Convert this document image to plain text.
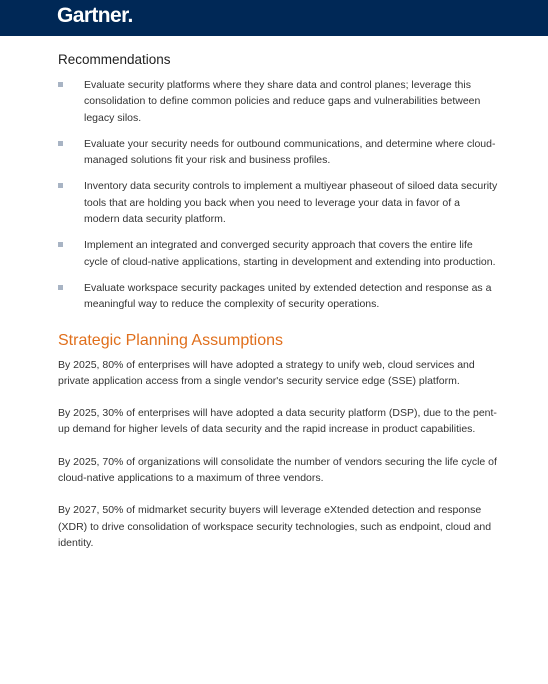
Gartner.
Recommendations
Evaluate security platforms where they share data and control planes; leverage this consolidation to define common policies and reduce gaps and vulnerabilities between legacy silos.
Evaluate your security needs for outbound communications, and determine where cloud-managed solutions fit your risk and business profiles.
Inventory data security controls to implement a multiyear phaseout of siloed data security tools that are holding you back when you need to leverage your data in favor of a modern data security platform.
Implement an integrated and converged security approach that covers the entire life cycle of cloud-native applications, starting in development and extending into production.
Evaluate workspace security packages united by extended detection and response as a meaningful way to reduce the complexity of security operations.
Strategic Planning Assumptions

By 2025, 80% of enterprises will have adopted a strategy to unify web, cloud services and private application access from a single vendor's security service edge (SSE) platform.

By 2025, 30% of enterprises will have adopted a data security platform (DSP), due to the pent-up demand for higher levels of data security and the rapid increase in product capabilities.

By 2025, 70% of organizations will consolidate the number of vendors securing the life cycle of cloud-native applications to a maximum of three vendors.

By 2027, 50% of midmarket security buyers will leverage eXtended detection and response (XDR) to drive consolidation of workspace security technologies, such as endpoint, cloud and identity.
